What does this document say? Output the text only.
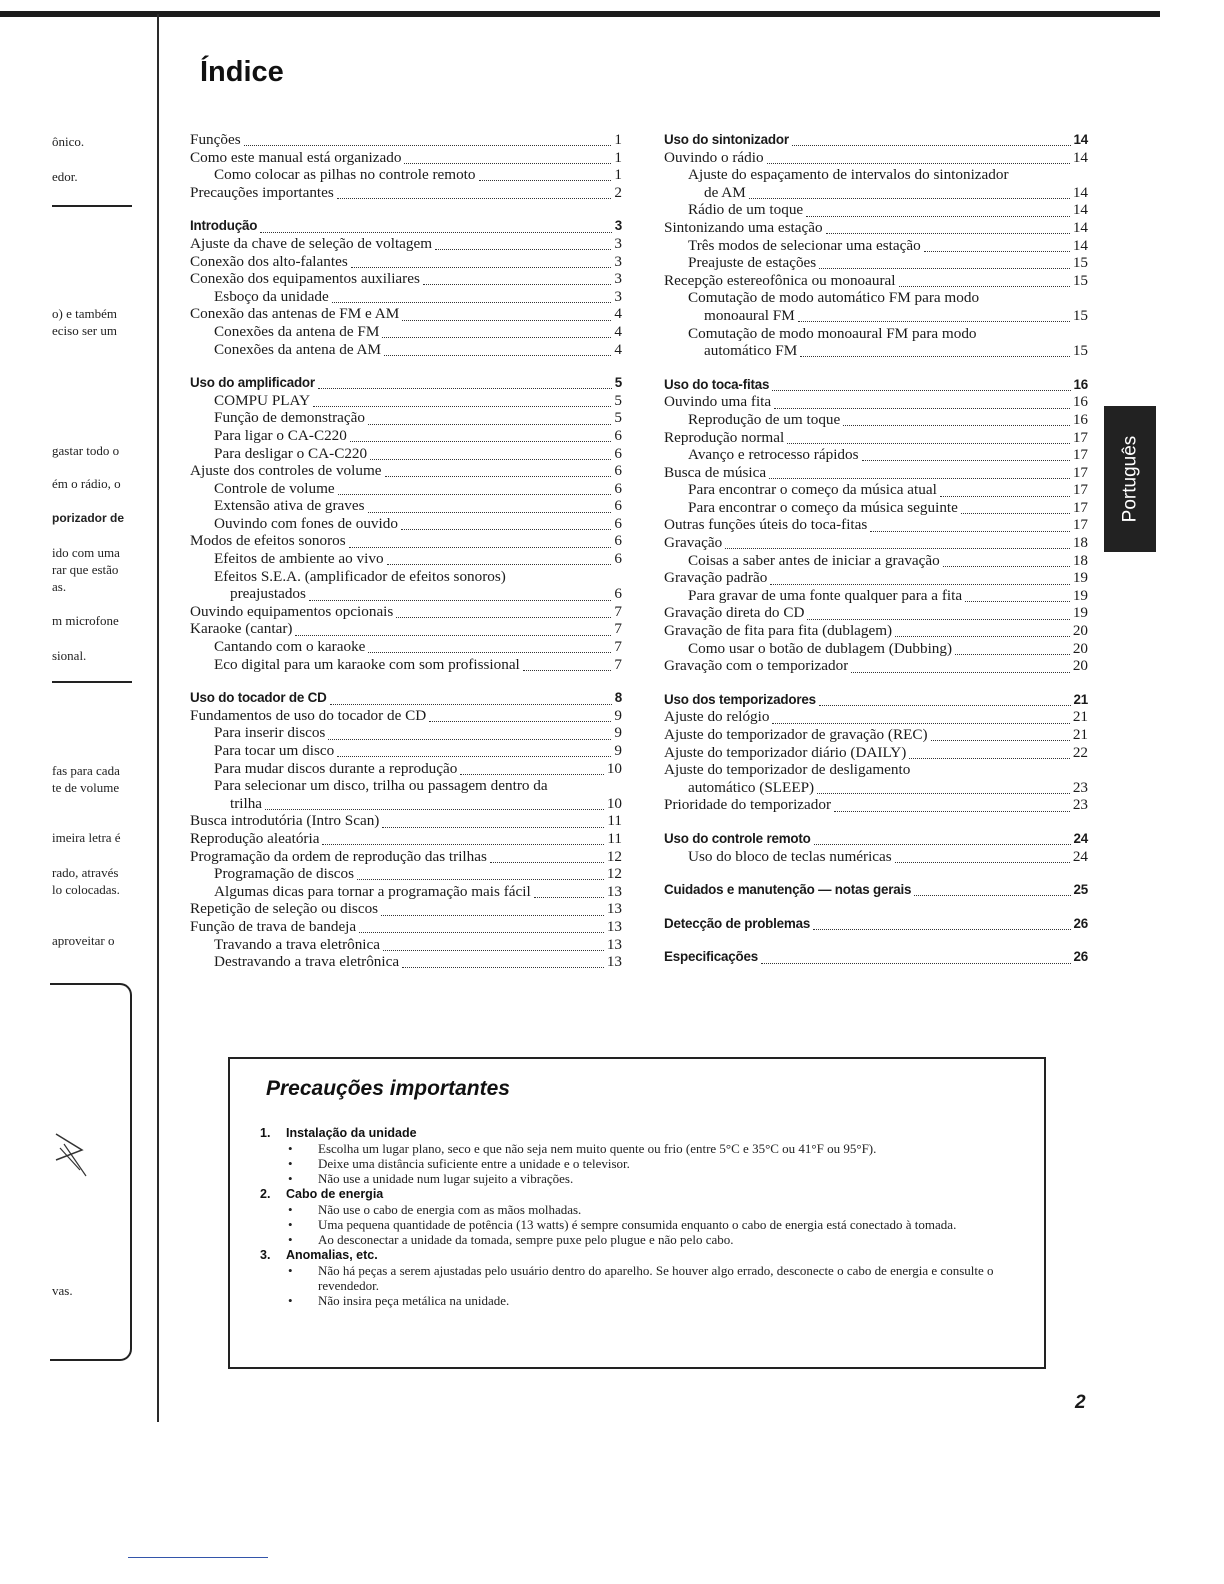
Índice
ônico.
edor.
o) e também
eciso ser um
gastar todo o
ém o rádio, o
porizador de
ido com uma
rar que estão
as.
m microfone
sional.
fas para cada
te de volume
imeira letra é
rado, através
lo colocadas.
aproveitar o
vas.
Funções	1
Como este manual está organizado	1
Como colocar as pilhas no controle remoto	1
Precauções importantes	2
Introdução	3
Ajuste da chave de seleção de voltagem	3
Conexão dos alto-falantes	3
Conexão dos equipamentos auxiliares	3
Esboço da unidade	3
Conexão das antenas de FM e AM	4
Conexões da antena de FM	4
Conexões da antena de AM	4
Uso do amplificador	5
COMPU PLAY	5
Função de demonstração	5
Para ligar o CA-C220	6
Para desligar o CA-C220	6
Ajuste dos controles de volume	6
Controle de volume	6
Extensão ativa de graves	6
Ouvindo com fones de ouvido	6
Modos de efeitos sonoros	6
Efeitos de ambiente ao vivo	6
Efeitos S.E.A. (amplificador de efeitos sonoros)
preajustados	6
Ouvindo equipamentos opcionais	7
Karaoke (cantar)	7
Cantando com o karaoke	7
Eco digital para um karaoke com som profissional	7
Uso do tocador de CD	8
Fundamentos de uso do tocador de CD	9
Para inserir discos	9
Para tocar um disco	9
Para mudar discos durante a reprodução	10
Para selecionar um disco, trilha ou passagem dentro da
trilha	10
Busca introdutória (Intro Scan)	11
Reprodução aleatória	11
Programação da ordem de reprodução das trilhas	12
Programação de discos	12
Algumas dicas para tornar a programação mais fácil	13
Repetição de seleção ou discos	13
Função de trava de bandeja	13
Travando a trava eletrônica	13
Destravando a trava eletrônica	13
Uso do sintonizador	14
Ouvindo o rádio	14
Ajuste do espaçamento de intervalos do sintonizador
de AM	14
Rádio de um toque	14
Sintonizando uma estação	14
Três modos de selecionar uma estação	14
Preajuste de estações	15
Recepção estereofônica ou monoaural	15
Comutação de modo automático FM para modo
monoaural FM	15
Comutação de modo monoaural FM para modo
automático FM	15
Uso do toca-fitas	16
Ouvindo uma fita	16
Reprodução de um toque	16
Reprodução normal	17
Avanço e retrocesso rápidos	17
Busca de música	17
Para encontrar o começo da música atual	17
Para encontrar o começo da música seguinte	17
Outras funções úteis do toca-fitas	17
Gravação	18
Coisas a saber antes de iniciar a gravação	18
Gravação padrão	19
Para gravar de uma fonte qualquer para a fita	19
Gravação direta do CD	19
Gravação de fita para fita (dublagem)	20
Como usar o botão de dublagem (Dubbing)	20
Gravação com o temporizador	20
Uso dos temporizadores	21
Ajuste do relógio	21
Ajuste do temporizador de gravação (REC)	21
Ajuste do temporizador diário (DAILY)	22
Ajuste do temporizador de desligamento
automático (SLEEP)	23
Prioridade do temporizador	23
Uso do controle remoto	24
Uso do bloco de teclas numéricas	24
Cuidados e manutenção — notas gerais	25
Detecção de problemas	26
Especificações	26
Português
Precauções importantes
1. Instalação da unidade
• Escolha um lugar plano, seco e que não seja nem muito quente ou frio (entre 5°C e 35°C ou 41°F ou 95°F).
• Deixe uma distância suficiente entre a unidade e o televisor.
• Não use a unidade num lugar sujeito a vibrações.
2. Cabo de energia
• Não use o cabo de energia com as mãos molhadas.
• Uma pequena quantidade de potência (13 watts) é sempre consumida enquanto o cabo de energia está conectado à tomada.
• Ao desconectar a unidade da tomada, sempre puxe pelo plugue e não pelo cabo.
3. Anomalias, etc.
• Não há peças a serem ajustadas pelo usuário dentro do aparelho. Se houver algo errado, desconecte o cabo de energia e consulte o revendedor.
• Não insira peça metálica na unidade.
2
